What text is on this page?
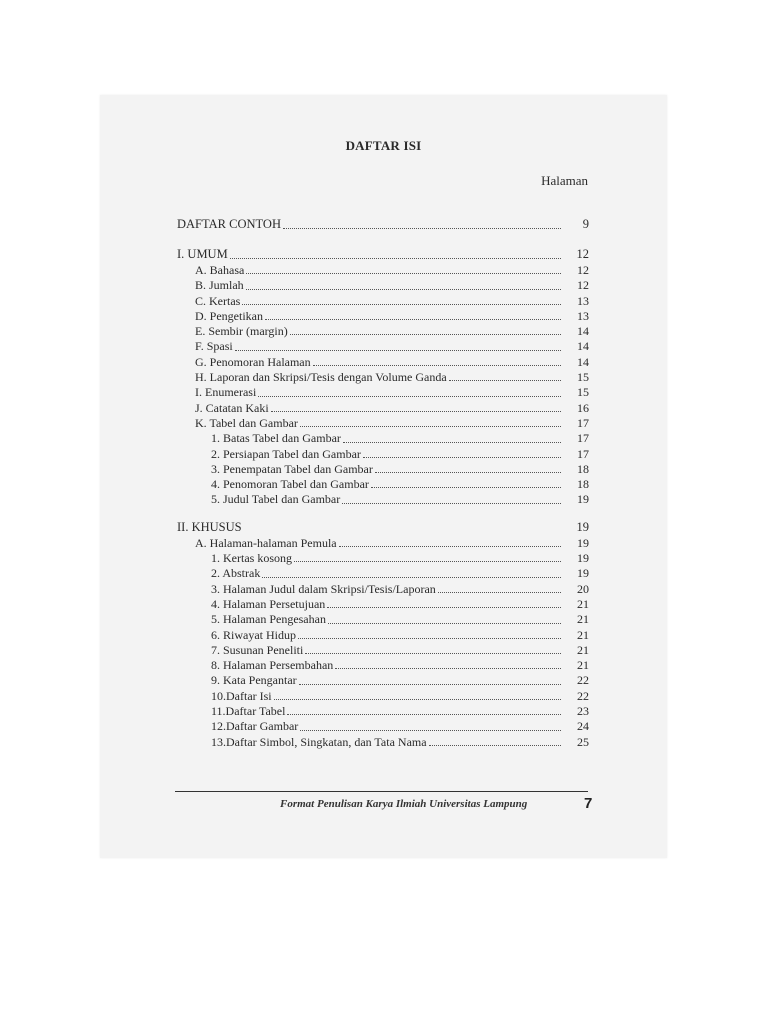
DAFTAR ISI
Halaman
DAFTAR CONTOH	9
I. UMUM	12
A. Bahasa	12
B. Jumlah	12
C. Kertas	13
D. Pengetikan	13
E. Sembir (margin)	14
F. Spasi	14
G. Penomoran Halaman	14
H. Laporan dan Skripsi/Tesis dengan Volume Ganda	15
I. Enumerasi	15
J. Catatan Kaki	16
K. Tabel dan Gambar	17
1. Batas Tabel dan Gambar	17
2. Persiapan Tabel dan Gambar	17
3. Penempatan Tabel dan Gambar	18
4. Penomoran Tabel dan Gambar	18
5. Judul Tabel dan Gambar	19
II. KHUSUS	19
A. Halaman-halaman Pemula	19
1. Kertas kosong	19
2. Abstrak	19
3. Halaman Judul dalam Skripsi/Tesis/Laporan	20
4. Halaman Persetujuan	21
5. Halaman Pengesahan	21
6. Riwayat Hidup	21
7. Susunan Peneliti	21
8. Halaman Persembahan	21
9. Kata Pengantar	22
10.Daftar Isi	22
11.Daftar Tabel	23
12.Daftar Gambar	24
13.Daftar Simbol, Singkatan, dan Tata Nama	25
Format Penulisan Karya Ilmiah Universitas Lampung	7
